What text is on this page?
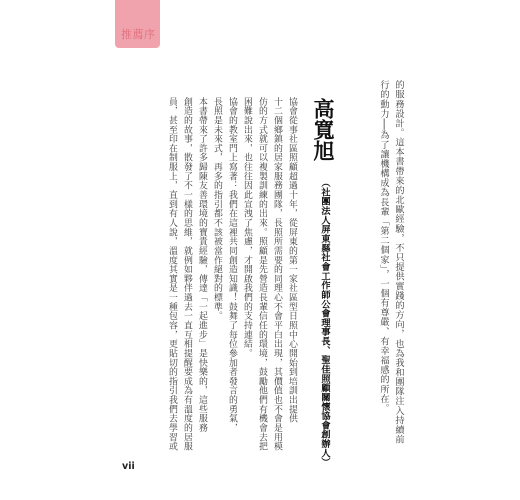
推薦序
的服務設計。這本書帶來的北歐經驗，不只提供實踐的方向，也為我和團隊注入持續前
行的動力──為了讓機構成為長輩「第二個家」，一個有尊嚴、有幸福感的所在。
高寬旭
（社團法人屏東縣社會工作師公會理事長、聖佳照顧關懷協會創辦人）
協會從事社區照顧超過十年，從屏東的第一家社區型日照中心開始到培訓出提供
十二個鄉鎮的居家服務團隊，長照所需要的同理心不會平白出現，其價值也不會是用模
仿的方式就可以複製訓練的出來。照顧是先營造長輩信任的環境，鼓勵他們有機會去把
困難說出來，也往往因此宣洩了焦慮，才開啟我們的支持連結。
協會的教室門上寫著：我們在這裡共同創造知識！鼓舞了每位參加者發言的勇氣，
長照是未來式，再多的指引都不該被當作絕對的標準。
本書帶來了許多歸陳友善環境的寶貴經驗，傳達「一起進步」是快樂的，這些服務
創造的故事，散發了不一樣的思維，就例如夥伴過去一直互相提醒要成為有溫度的居服
員，甚至印在制服上，直到有人說，溫度其實是一種包容，更貼切的指引我們去學習或
vii
